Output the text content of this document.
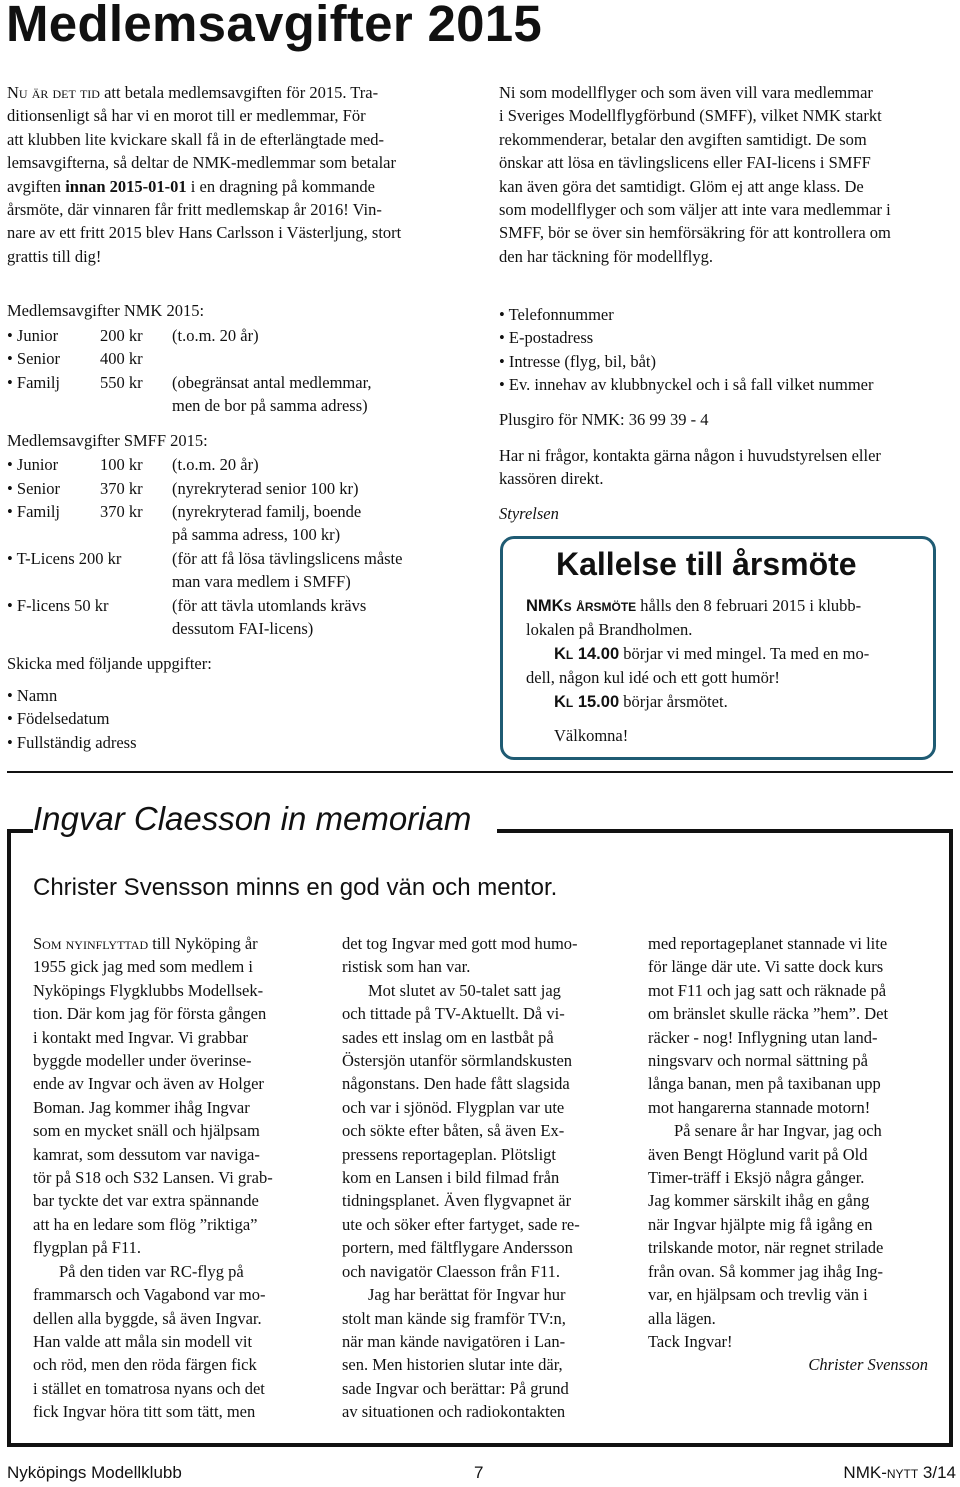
Medlemsavgifter 2015
Nu är det tid att betala medlemsavgiften för 2015. Tra-
ditionsenligt så har vi en morot till er medlemmar, För
att klubben lite kvickare skall få in de efterlängtade med-
lemsavgifterna, så deltar de NMK-medlemmar som betalar
avgiften innan 2015-01-01 i en dragning på kommande
årsmöte, där vinnaren får fritt medlemskap år 2016! Vin-
nare av ett fritt 2015 blev Hans Carlsson i Västerljung, stort
grattis till dig!
Ni som modellflyger och som även vill vara medlemmar
i Sveriges Modellflygförbund (SMFF), vilket NMK starkt
rekommenderar, betalar den avgiften samtidigt. De som
önskar att lösa en tävlingslicens eller FAI-licens i SMFF
kan även göra det samtidigt. Glöm ej att ange klass. De
som modellflyger och som väljer att inte vara medlemmar i
SMFF, bör se över sin hemförsäkring för att kontrollera om
den har täckning för modellflyg.
Medlemsavgifter NMK 2015:
• Junior	200 kr (t.o.m. 20 år)
• Senior 400 kr
• Familj 550 kr (obegränsat antal medlemmar,
men de bor på samma adress)
Medlemsavgifter SMFF 2015:
• Junior	100 kr (t.o.m. 20 år)
• Senior 370 kr (nyrekryterad senior 100 kr)
• Familj 370 kr (nyrekryterad familj, boende
på samma adress, 100 kr)
• T-Licens 200 kr	(för att få lösa tävlingslicens måste
man vara medlem i SMFF)
• F-licens 50 kr	(för att tävla utomlands krävs
dessutom FAI-licens)
Skicka med följande uppgifter:
• Namn
• Födelsedatum
• Fullständig adress
• Telefonnummer
• E-postadress
• Intresse (flyg, bil, båt)
• Ev. innehav av klubbnyckel och i så fall vilket nummer
Plusgiro för NMK: 36 99 39 - 4
Har ni frågor, kontakta gärna någon i huvudstyrelsen eller
kassören direkt.
Styrelsen
Kallelse till årsmöte
NMKs årsmöte hålls den 8 februari 2015 i klubb-
lokalen på Brandholmen.
Kl 14.00 börjar vi med mingel. Ta med en mo-
dell, någon kul idé och ett gott humör!
Kl 15.00 börjar årsmötet.
Välkomna!
Ingvar Claesson in memoriam
Christer Svensson minns en god vän och mentor.
Som nyinflyttad till Nyköping år
1955 gick jag med som medlem i
Nyköpings Flygklubbs Modellsek-
tion. Där kom jag för första gången
i kontakt med Ingvar. Vi grabbar
byggde modeller under överinse-
ende av Ingvar och även av Holger
Boman. Jag kommer ihåg Ingvar
som en mycket snäll och hjälpsam
kamrat, som dessutom var naviga-
tör på S18 och S32 Lansen. Vi grab-
bar tyckte det var extra spännande
att ha en ledare som flög ”riktiga”
flygplan på F11.
På den tiden var RC-flyg på
frammarsch och Vagabond var mo-
dellen alla byggde, så även Ingvar.
Han valde att måla sin modell vit
och röd, men den röda färgen fick
i stället en tomatrosa nyans och det
fick Ingvar höra titt som tätt, men
det tog Ingvar med gott mod humo-
ristisk som han var.
Mot slutet av 50-talet satt jag
och tittade på TV-Aktuellt. Då vi-
sades ett inslag om en lastbåt på
Östersjön utanför sörmlandskusten
någonstans. Den hade fått slagsida
och var i sjönöd. Flygplan var ute
och sökte efter båten, så även Ex-
pressens reportageplan. Plötsligt
kom en Lansen i bild filmad från
tidningsplanet. Även flygvapnet är
ute och söker efter fartyget, sade re-
portern, med fältflygare Andersson
och navigatör Claesson från F11.
Jag har berättat för Ingvar hur
stolt man kände sig framför TV:n,
när man kände navigatören i Lan-
sen. Men historien slutar inte där,
sade Ingvar och berättar: På grund
av situationen och radiokontakten
med reportageplanet stannade vi lite
för länge där ute. Vi satte dock kurs
mot F11 och jag satt och räknade på
om bränslet skulle räcka ”hem”. Det
räcker - nog! Inflygning utan land-
ningsvarv och normal sättning på
långa banan, men på taxibanan upp
mot hangarerna stannade motorn!
På senare år har Ingvar, jag och
även Bengt Höglund varit på Old
Timer-träff i Eksjö några gånger.
Jag kommer särskilt ihåg en gång
när Ingvar hjälpte mig få igång en
trilskande motor, när regnet strilade
från ovan. Så kommer jag ihåg Ing-
var, en hjälpsam och trevlig vän i
alla lägen.
Tack Ingvar!
Christer Svensson
Nyköpings Modellklubb	7	NMK-nytt 3/14
